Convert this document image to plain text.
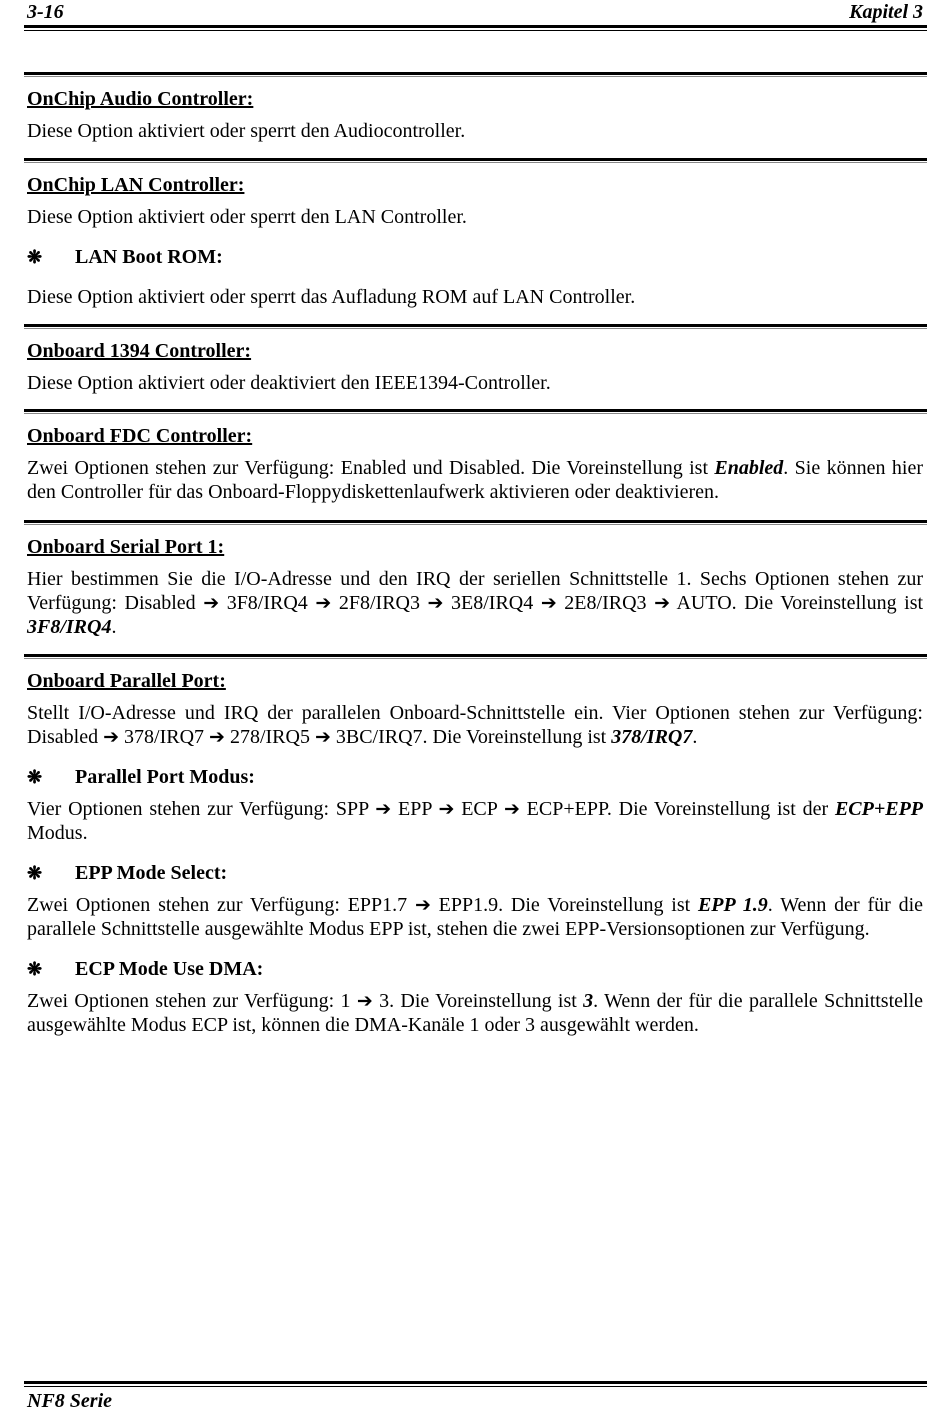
3-16	Kapitel 3
OnChip Audio Controller:
Diese Option aktiviert oder sperrt den Audiocontroller.
OnChip LAN Controller:
Diese Option aktiviert oder sperrt den LAN Controller.
❋ LAN Boot ROM:
Diese Option aktiviert oder sperrt das Aufladung ROM auf LAN Controller.
Onboard 1394 Controller:
Diese Option aktiviert oder deaktiviert den IEEE1394-Controller.
Onboard FDC Controller:
Zwei Optionen stehen zur Verfügung: Enabled und Disabled. Die Voreinstellung ist Enabled. Sie können hier den Controller für das Onboard-Floppydiskettenlaufwerk aktivieren oder deaktivieren.
Onboard Serial Port 1:
Hier bestimmen Sie die I/O-Adresse und den IRQ der seriellen Schnittstelle 1. Sechs Optionen stehen zur Verfügung: Disabled ➔ 3F8/IRQ4 ➔ 2F8/IRQ3 ➔ 3E8/IRQ4 ➔ 2E8/IRQ3 ➔ AUTO. Die Voreinstellung ist 3F8/IRQ4.
Onboard Parallel Port:
Stellt I/O-Adresse und IRQ der parallelen Onboard-Schnittstelle ein. Vier Optionen stehen zur Verfügung: Disabled ➔ 378/IRQ7 ➔ 278/IRQ5 ➔ 3BC/IRQ7. Die Voreinstellung ist 378/IRQ7.
❋ Parallel Port Modus:
Vier Optionen stehen zur Verfügung: SPP ➔ EPP ➔ ECP ➔ ECP+EPP. Die Voreinstellung ist der ECP+EPP Modus.
❋ EPP Mode Select:
Zwei Optionen stehen zur Verfügung: EPP1.7 ➔ EPP1.9. Die Voreinstellung ist EPP 1.9. Wenn der für die parallele Schnittstelle ausgewählte Modus EPP ist, stehen die zwei EPP-Versionsoptionen zur Verfügung.
❋ ECP Mode Use DMA:
Zwei Optionen stehen zur Verfügung: 1 ➔ 3. Die Voreinstellung ist 3. Wenn der für die parallele Schnittstelle ausgewählte Modus ECP ist, können die DMA-Kanäle 1 oder 3 ausgewählt werden.
NF8 Serie
